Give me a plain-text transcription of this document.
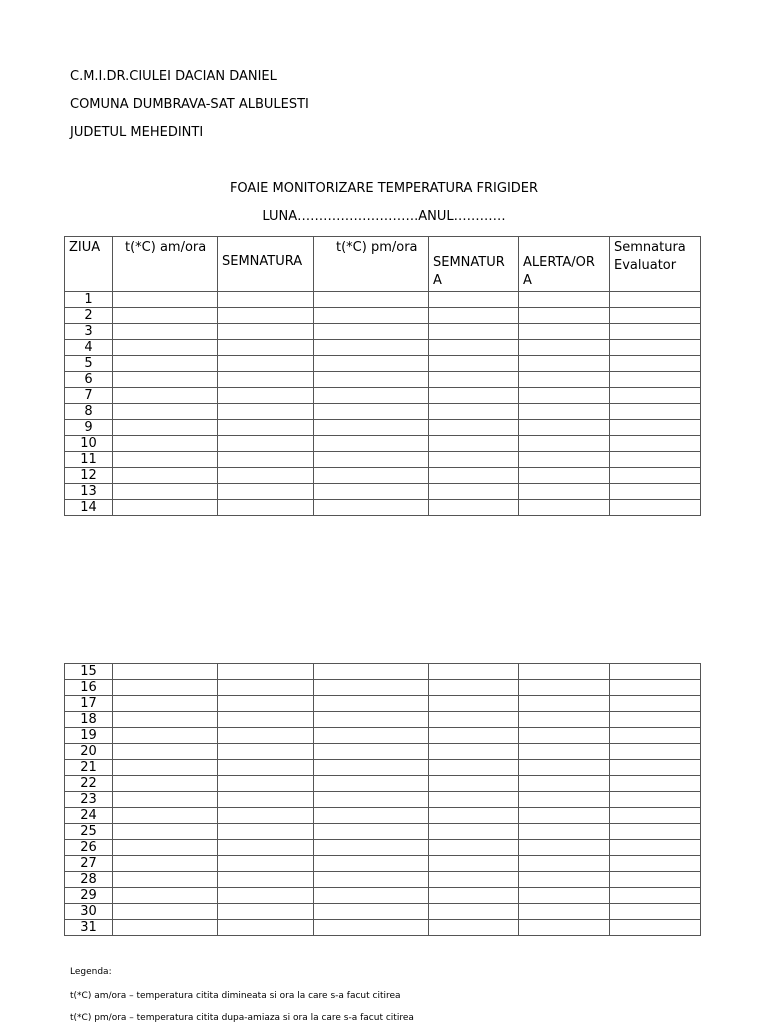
C.M.I.DR.CIULEI DACIAN DANIEL
COMUNA DUMBRAVA-SAT ALBULESTI
JUDETUL MEHEDINTI
FOAIE MONITORIZARE TEMPERATURA FRIGIDER
LUNA……………………….ANUL…………
ZIUA	t(*C) am/ora	SEMNATURA	t(*C) pm/ora	SEMNATUR A	ALERTA/OR A	Semnatura Evaluator

1						
2						
3						
4						
5						
6						
7						
8						
9						
10						
11						
12						
13						
14						
15						
16						
17						
18						
19						
20						
21						
22						
23						
24						
25						
26						
27						
28						
29						
30						
31						
Legenda:
t(*C) am/ora – temperatura citita dimineata si ora la care s-a facut citirea
t(*C) pm/ora – temperatura citita dupa-amiaza si ora la care s-a facut citirea
